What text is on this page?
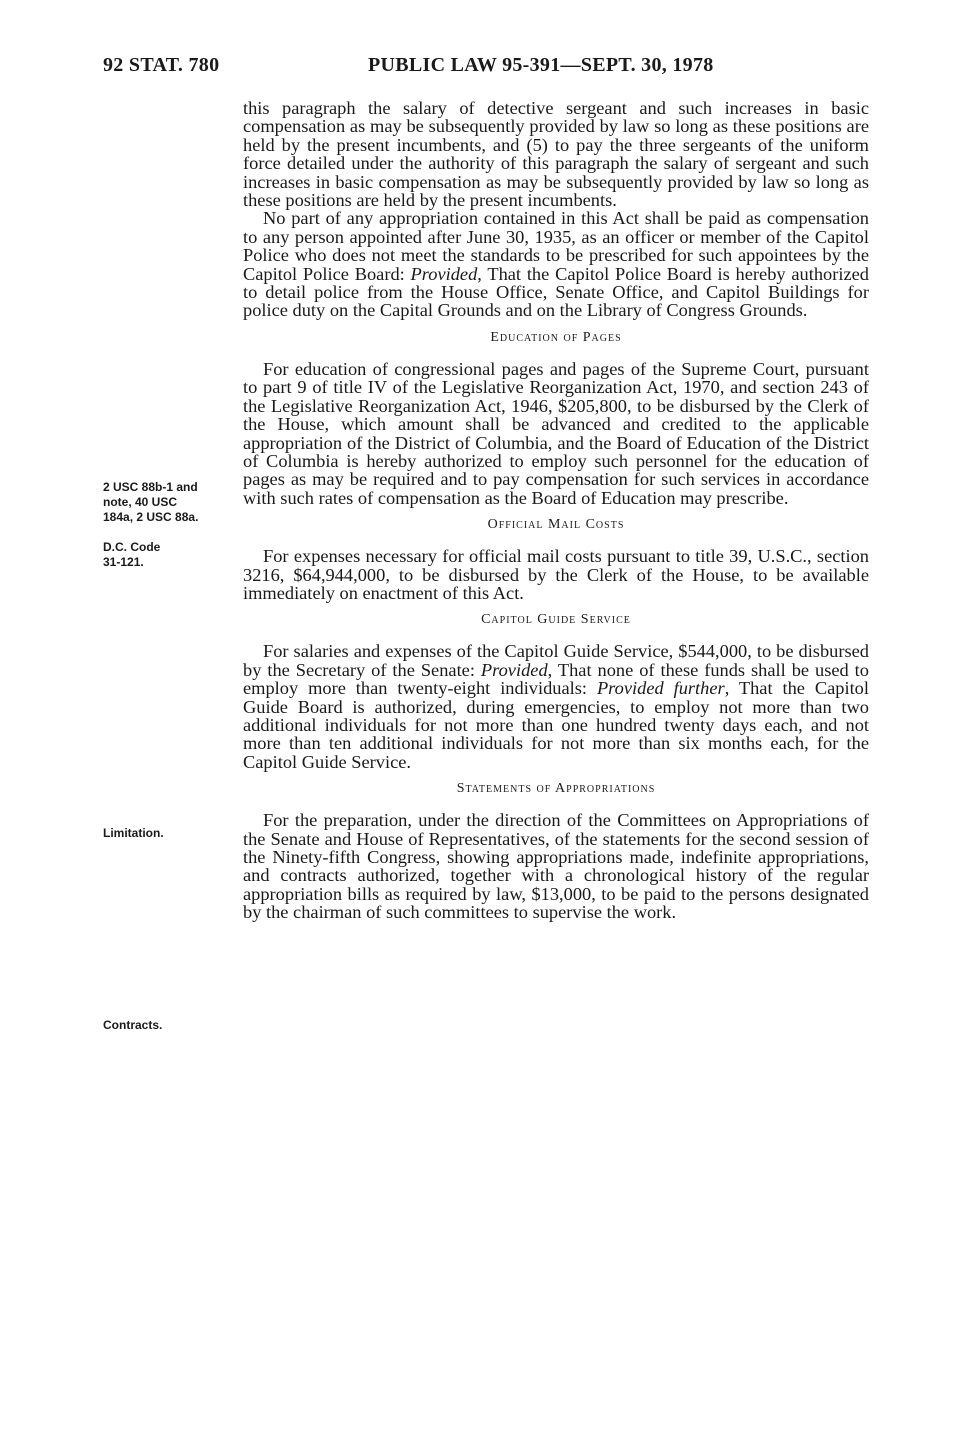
92 STAT. 780	PUBLIC LAW 95-391—SEPT. 30, 1978
2 USC 88b-1 and
note, 40 USC
184a, 2 USC 88a.
D.C. Code
31-121.
Limitation.
Contracts.

this paragraph the salary of detective sergeant and such increases in basic compensation as may be subsequently provided by law so long as these positions are held by the present incumbents, and (5) to pay the three sergeants of the uniform force detailed under the authority of this paragraph the salary of sergeant and such increases in basic compensation as may be subsequently provided by law so long as these positions are held by the present incumbents.

No part of any appropriation contained in this Act shall be paid as compensation to any person appointed after June 30, 1935, as an officer or member of the Capitol Police who does not meet the standards to be prescribed for such appointees by the Capitol Police Board: Provided, That the Capitol Police Board is hereby authorized to detail police from the House Office, Senate Office, and Capitol Buildings for police duty on the Capital Grounds and on the Library of Congress Grounds.

Education of Pages

For education of congressional pages and pages of the Supreme Court, pursuant to part 9 of title IV of the Legislative Reorganization Act, 1970, and section 243 of the Legislative Reorganization Act, 1946, $205,800, to be disbursed by the Clerk of the House, which amount shall be advanced and credited to the applicable appropriation of the District of Columbia, and the Board of Education of the District of Columbia is hereby authorized to employ such personnel for the education of pages as may be required and to pay compensation for such services in accordance with such rates of compensation as the Board of Education may prescribe.

Official Mail Costs

For expenses necessary for official mail costs pursuant to title 39, U.S.C., section 3216, $64,944,000, to be disbursed by the Clerk of the House, to be available immediately on enactment of this Act.

Capitol Guide Service

For salaries and expenses of the Capitol Guide Service, $544,000, to be disbursed by the Secretary of the Senate: Provided, That none of these funds shall be used to employ more than twenty-eight individuals: Provided further, That the Capitol Guide Board is authorized, during emergencies, to employ not more than two additional individuals for not more than one hundred twenty days each, and not more than ten additional individuals for not more than six months each, for the Capitol Guide Service.

Statements of Appropriations

For the preparation, under the direction of the Committees on Appropriations of the Senate and House of Representatives, of the statements for the second session of the Ninety-fifth Congress, showing appropriations made, indefinite appropriations, and contracts authorized, together with a chronological history of the regular appropriation bills as required by law, $13,000, to be paid to the persons designated by the chairman of such committees to supervise the work.
